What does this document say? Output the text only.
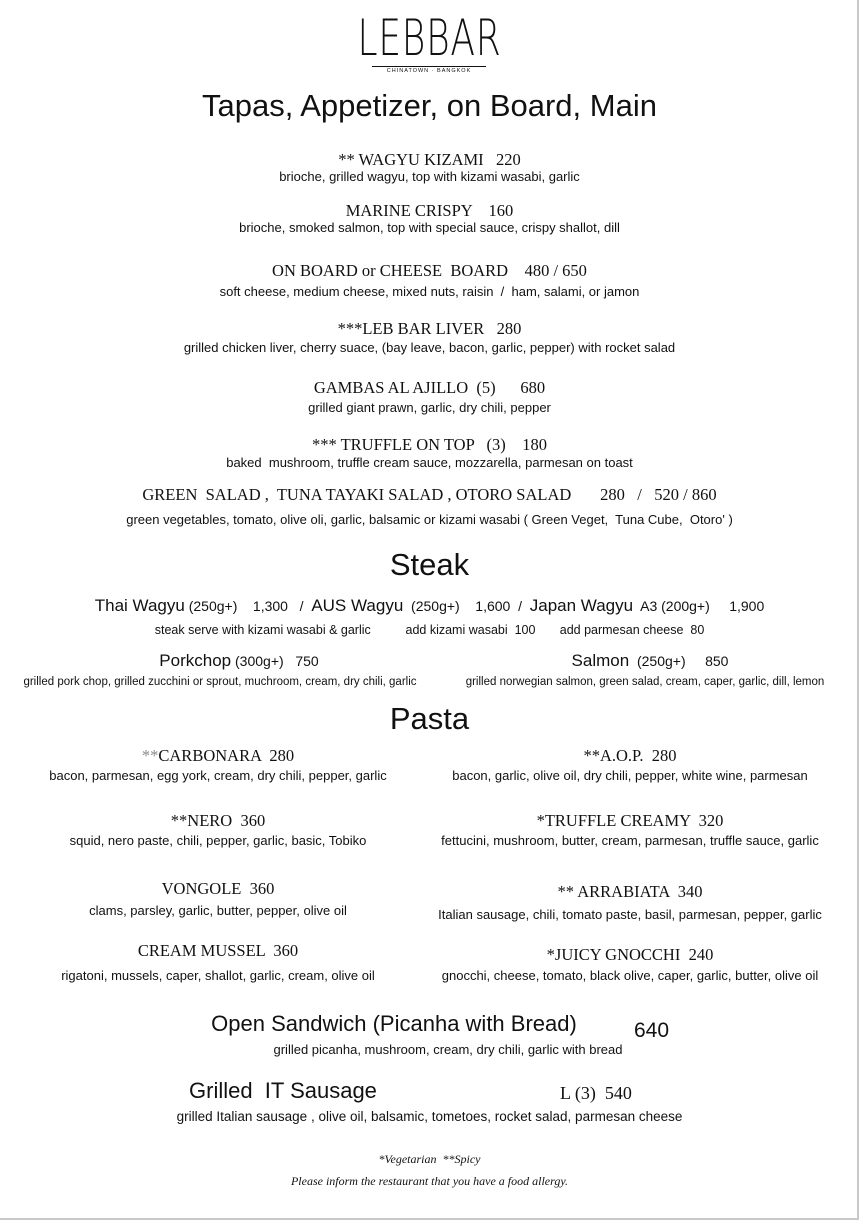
LEBBAR
CHINATOWN · BANGKOK
Tapas, Appetizer, on Board, Main
** WAGYU KIZAMI   220
brioche, grilled wagyu, top with kizami wasabi, garlic
MARINE CRISPY    160
brioche, smoked salmon, top with special sauce, crispy shallot, dill
ON BOARD or CHEESE  BOARD    480 / 650
soft cheese, medium cheese, mixed nuts, raisin  /  ham, salami, or jamon
***LEB BAR LIVER   280
grilled chicken liver, cherry suace, (bay leave, bacon, garlic, pepper) with rocket salad
GAMBAS AL AJILLO  (5)      680
grilled giant prawn, garlic, dry chili, pepper
*** TRUFFLE ON TOP   (3)    180
baked  mushroom, truffle cream sauce, mozzarella, parmesan on toast
GREEN  SALAD ,  TUNA TAYAKI SALAD , OTORO SALAD       280   /   520 / 860
green vegetables, tomato, olive oli, garlic, balsamic or kizami wasabi ( Green Veget,  Tuna Cube,  Otoro' )
Steak
Thai Wagyu (250g+)    1,300   /  AUS Wagyu  (250g+)    1,600  /  Japan Wagyu  A3 (200g+)     1,900
steak serve with kizami wasabi & garlic          add kizami wasabi  100       add parmesan cheese  80
Porkchop (300g+)   750
grilled pork chop, grilled zucchini or sprout, muchroom, cream, dry chili, garlic
Salmon  (250g+)     850
grilled norwegian salmon, green salad, cream, caper, garlic, dill, lemon
Pasta
**CARBONARA  280
bacon, parmesan, egg york, cream, dry chili, pepper, garlic
**NERO  360
squid, nero paste, chili, pepper, garlic, basic, Tobiko
VONGOLE  360
clams, parsley, garlic, butter, pepper, olive oil
CREAM MUSSEL  360
rigatoni, mussels, caper, shallot, garlic, cream, olive oil
**A.O.P.  280
bacon, garlic, olive oil, dry chili, pepper, white wine, parmesan
*TRUFFLE CREAMY  320
fettucini, mushroom, butter, cream, parmesan, truffle sauce, garlic
** ARRABIATA  340
Italian sausage, chili, tomato paste, basil, parmesan, pepper, garlic
*JUICY GNOCCHI  240
gnocchi, cheese, tomato, black olive, caper, garlic, butter, olive oil
Open Sandwich (Picanha with Bread)	640
grilled picanha, mushroom, cream, dry chili, garlic with bread
Grilled  IT Sausage	L (3)  540
grilled Italian sausage , olive oil, balsamic, tometoes, rocket salad, parmesan cheese
*Vegetarian  **Spicy
Please inform the restaurant that you have a food allergy.
